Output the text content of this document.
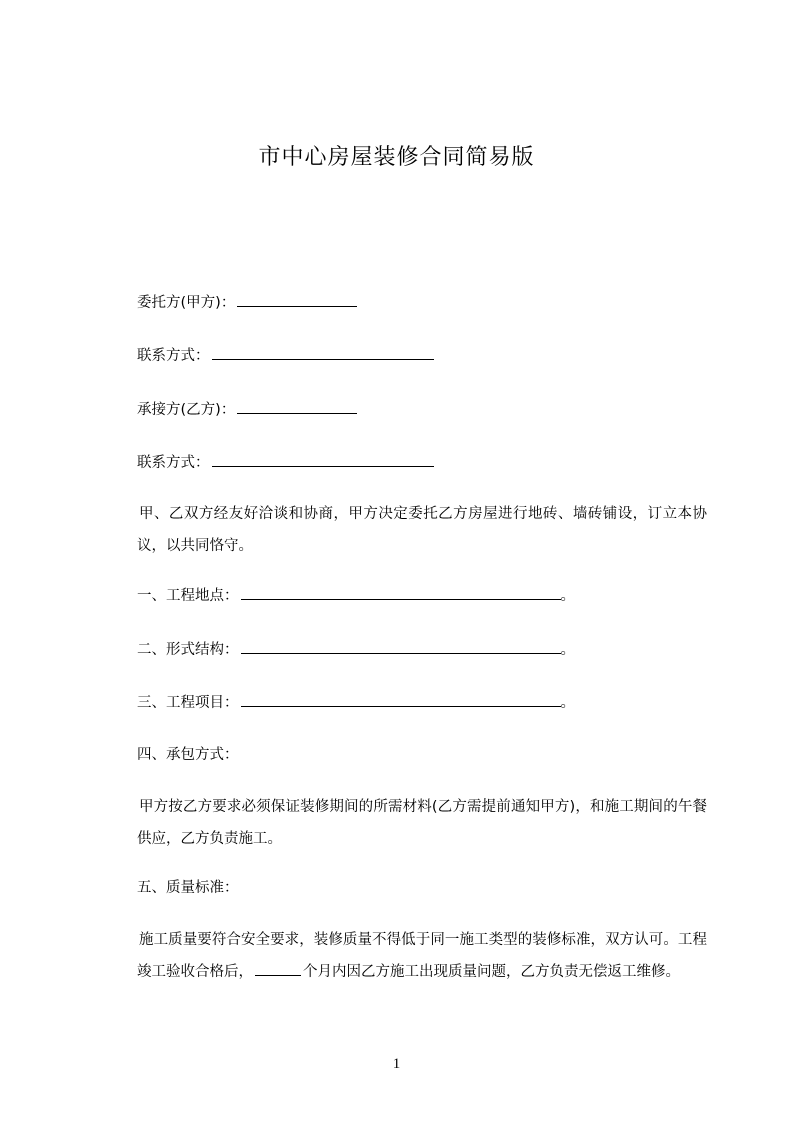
市中心房屋装修合同简易版
委托方(甲方)：
联系方式：
承接方(乙方)：
联系方式：
甲、乙双方经友好洽谈和协商，甲方决定委托乙方房屋进行地砖、墙砖铺设，订立本协议，以共同恪守。
一、工程地点：	。
二、形式结构：	。
三、工程项目：	。
四、承包方式：
甲方按乙方要求必须保证装修期间的所需材料(乙方需提前通知甲方)，和施工期间的午餐供应，乙方负责施工。
五、质量标准：
施工质量要符合安全要求，装修质量不得低于同一施工类型的装修标准，双方认可。工程竣工验收合格后，	个月内因乙方施工出现质量问题，乙方负责无偿返工维修。
1
